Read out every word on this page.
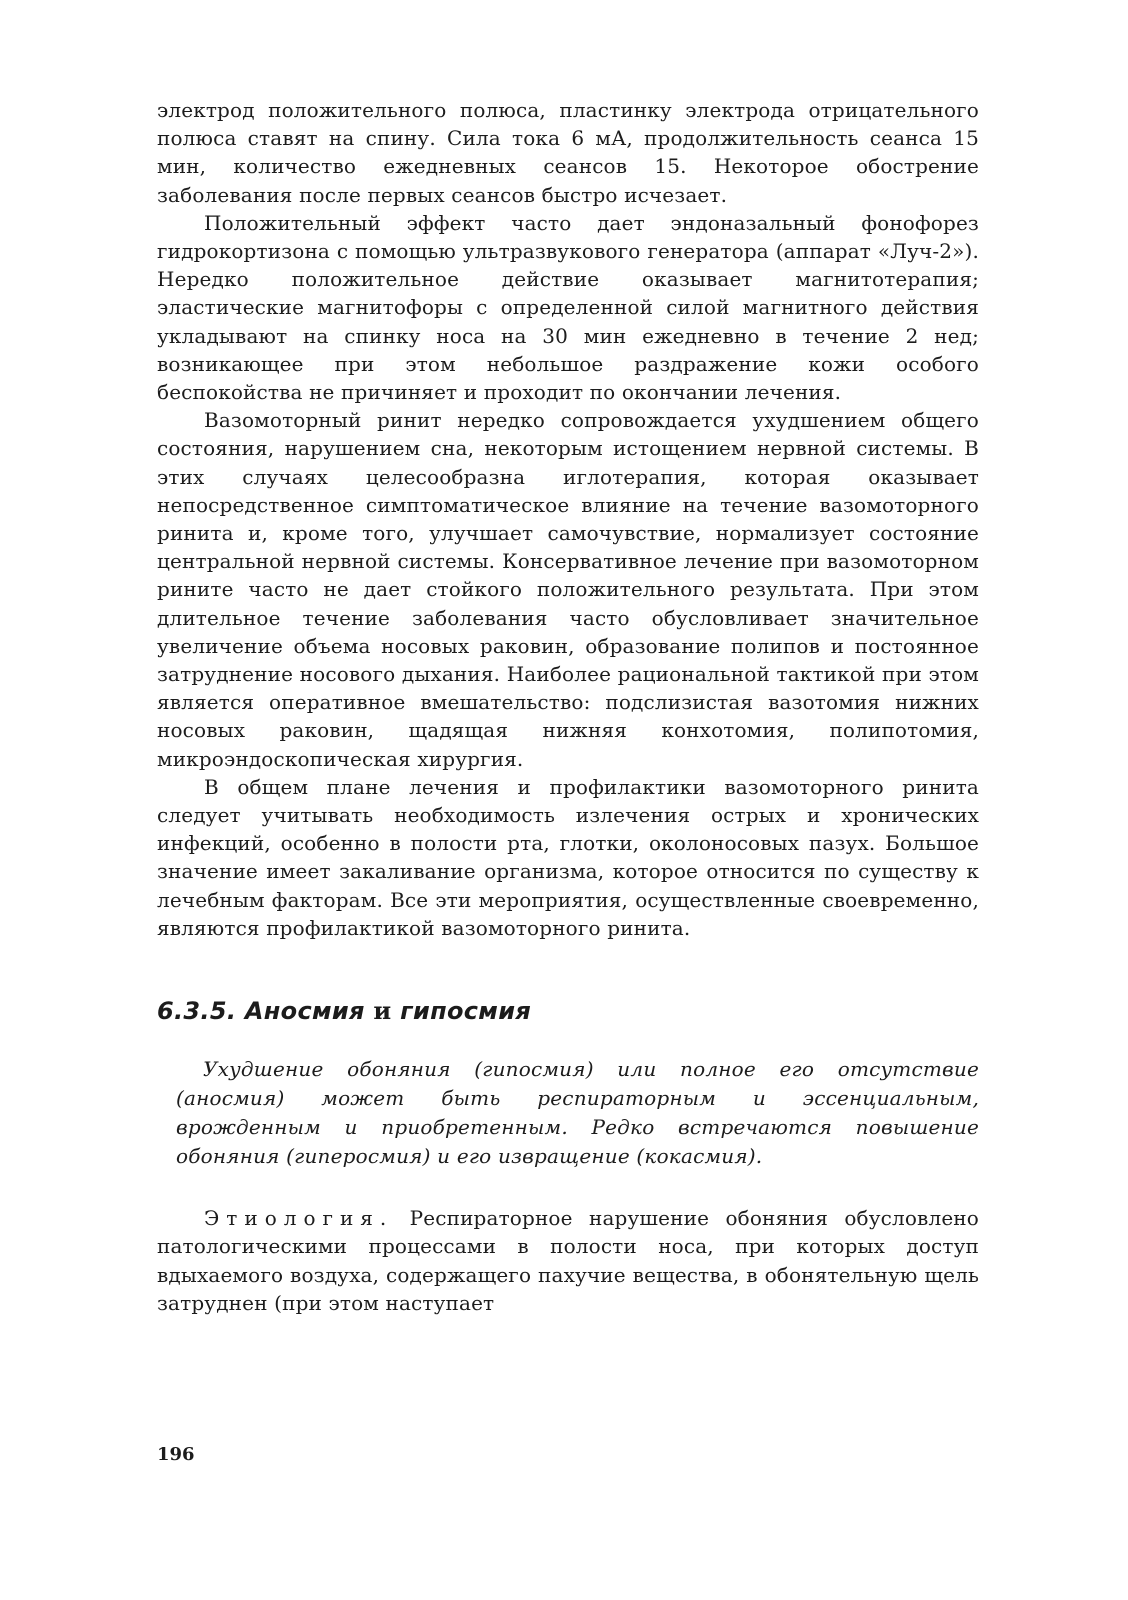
электрод положительного полюса, пластинку электрода отрицательного полюса ставят на спину. Сила тока 6 мА, продолжительность сеанса 15 мин, количество ежедневных сеансов 15. Некоторое обострение заболевания после первых сеансов быстро исчезает.

Положительный эффект часто дает эндоназальный фонофорез гидрокортизона с помощью ультразвукового генератора (аппарат «Луч-2»). Нередко положительное действие оказывает магнитотерапия; эластические магнитофоры с определенной силой магнитного действия укладывают на спинку носа на 30 мин ежедневно в течение 2 нед; возникающее при этом небольшое раздражение кожи особого беспокойства не причиняет и проходит по окончании лечения.

Вазомоторный ринит нередко сопровождается ухудшением общего состояния, нарушением сна, некоторым истощением нервной системы. В этих случаях целесообразна иглотерапия, которая оказывает непосредственное симптоматическое влияние на течение вазомоторного ринита и, кроме того, улучшает самочувствие, нормализует состояние центральной нервной системы. Консервативное лечение при вазомоторном рините часто не дает стойкого положительного результата. При этом длительное течение заболевания часто обусловливает значительное увеличение объема носовых раковин, образование полипов и постоянное затруднение носового дыхания. Наиболее рациональной тактикой при этом является оперативное вмешательство: подслизистая вазотомия нижних носовых раковин, щадящая нижняя конхотомия, полипотомия, микроэндоскопическая хирургия.

В общем плане лечения и профилактики вазомоторного ринита следует учитывать необходимость излечения острых и хронических инфекций, особенно в полости рта, глотки, околоносовых пазух. Большое значение имеет закаливание организма, которое относится по существу к лечебным факторам. Все эти мероприятия, осуществленные своевременно, являются профилактикой вазомоторного ринита.

6.3.5. Аносмия и гипосмия

Ухудшение обоняния (гипосмия) или полное его отсутствие (аносмия) может быть респираторным и эссенциальным, врожденным и приобретенным. Редко встречаются повышение обоняния (гиперосмия) и его извращение (кокасмия).

Этиология. Респираторное нарушение обоняния обусловлено патологическими процессами в полости носа, при которых доступ вдыхаемого воздуха, содержащего пахучие вещества, в обонятельную щель затруднен (при этом наступает

196
